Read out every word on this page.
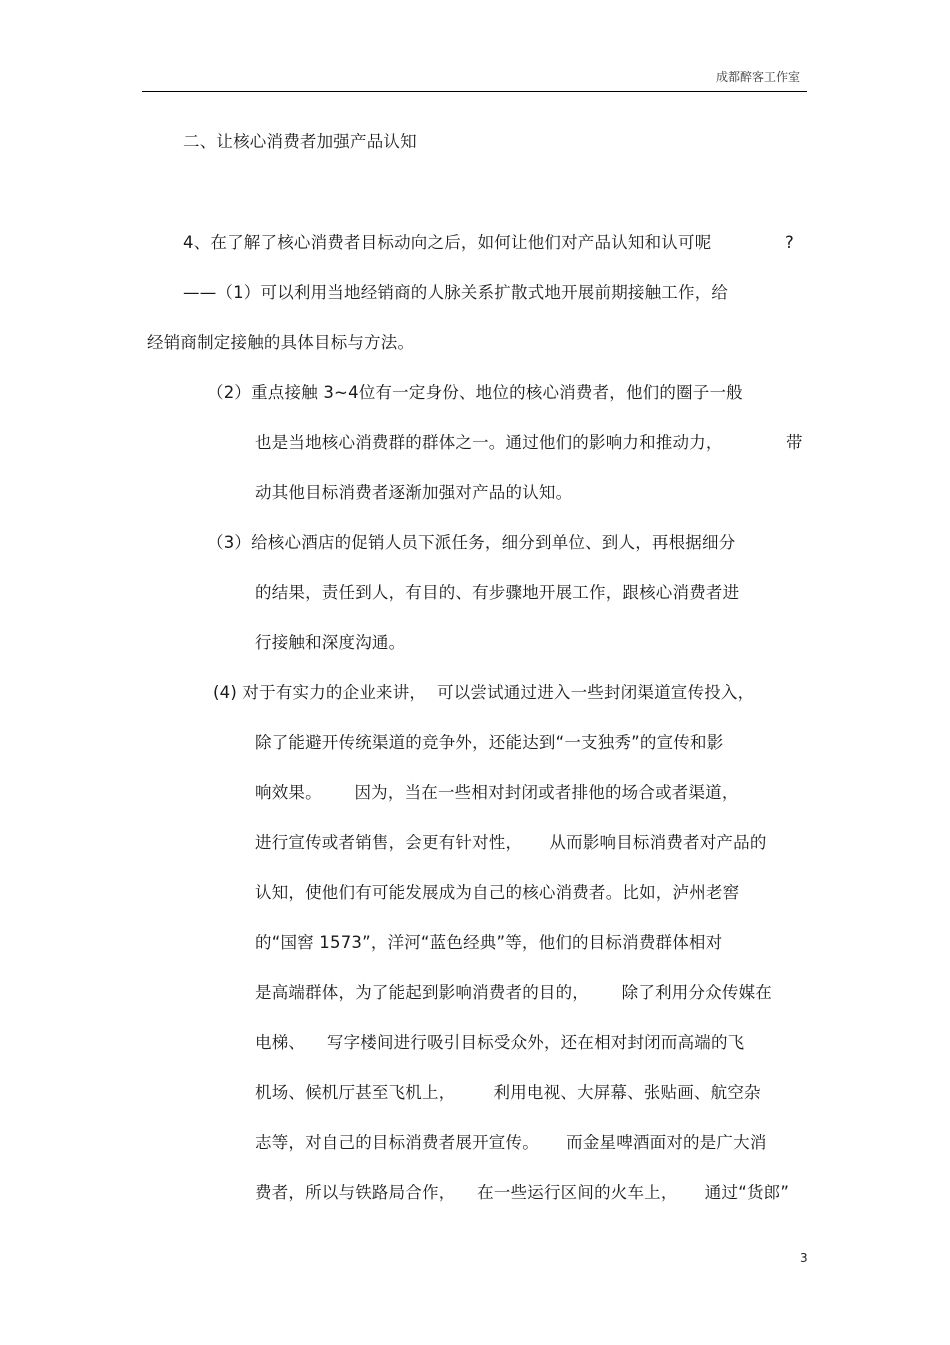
成都醉客工作室
二、让核心消费者加强产品认知
4、在了解了核心消费者目标动向之后，如何让他们对产品认知和认可呢	?
——（1）可以利用当地经销商的人脉关系扩散式地开展前期接触工作，给
经销商制定接触的具体目标与方法。
（2）重点接触 3~4位有一定身份、地位的核心消费者，他们的圈子一般
也是当地核心消费群的群体之一。通过他们的影响力和推动力，	带
动其他目标消费者逐渐加强对产品的认知。
（3）给核心酒店的促销人员下派任务，细分到单位、到人，再根据细分
的结果，责任到人，有目的、有步骤地开展工作，跟核心消费者进
行接触和深度沟通。
(4) 对于有实力的企业来讲，  可以尝试通过进入一些封闭渠道宣传投入，
除了能避开传统渠道的竞争外，还能达到“一支独秀”的宣传和影
响效果。      因为，当在一些相对封闭或者排他的场合或者渠道，
进行宣传或者销售，会更有针对性，     从而影响目标消费者对产品的
认知，使他们有可能发展成为自己的核心消费者。比如，泸州老窖
的“国窖 1573”，洋河“蓝色经典”等，他们的目标消费群体相对
是高端群体，为了能起到影响消费者的目的，      除了利用分众传媒在
电梯、    写字楼间进行吸引目标受众外，还在相对封闭而高端的飞
机场、候机厅甚至飞机上，       利用电视、大屏幕、张贴画、航空杂
志等，对自己的目标消费者展开宣传。     而金星啤酒面对的是广大消
费者，所以与铁路局合作，    在一些运行区间的火车上，     通过“货郎”
3
